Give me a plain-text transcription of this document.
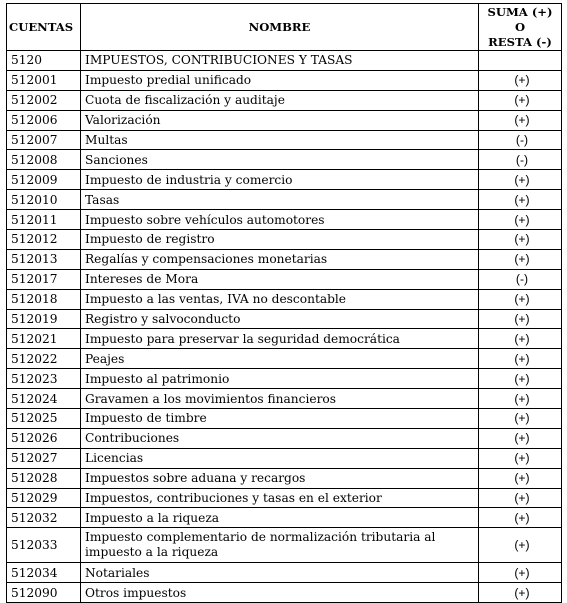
CUENTAS	NOMBRE	SUMA (+)
O
RESTA (-)

5120	IMPUESTOS, CONTRIBUCIONES Y TASAS	
512001	Impuesto predial unificado	(+)
512002	Cuota de fiscalización y auditaje	(+)
512006	Valorización	(+)
512007	Multas	(-)
512008	Sanciones	(-)
512009	Impuesto de industria y comercio	(+)
512010	Tasas	(+)
512011	Impuesto sobre vehículos automotores	(+)
512012	Impuesto de registro	(+)
512013	Regalías y compensaciones monetarias	(+)
512017	Intereses de Mora	(-)
512018	Impuesto a las ventas, IVA no descontable	(+)
512019	Registro y salvoconducto	(+)
512021	Impuesto para preservar la seguridad democrática	(+)
512022	Peajes	(+)
512023	Impuesto al patrimonio	(+)
512024	Gravamen a los movimientos financieros	(+)
512025	Impuesto de timbre	(+)
512026	Contribuciones	(+)
512027	Licencias	(+)
512028	Impuestos sobre aduana y recargos	(+)
512029	Impuestos, contribuciones y tasas en el exterior	(+)
512032	Impuesto a la riqueza	(+)
512033	Impuesto complementario de normalización tributaria al impuesto a la riqueza	(+)
512034	Notariales	(+)
512090	Otros impuestos	(+)
